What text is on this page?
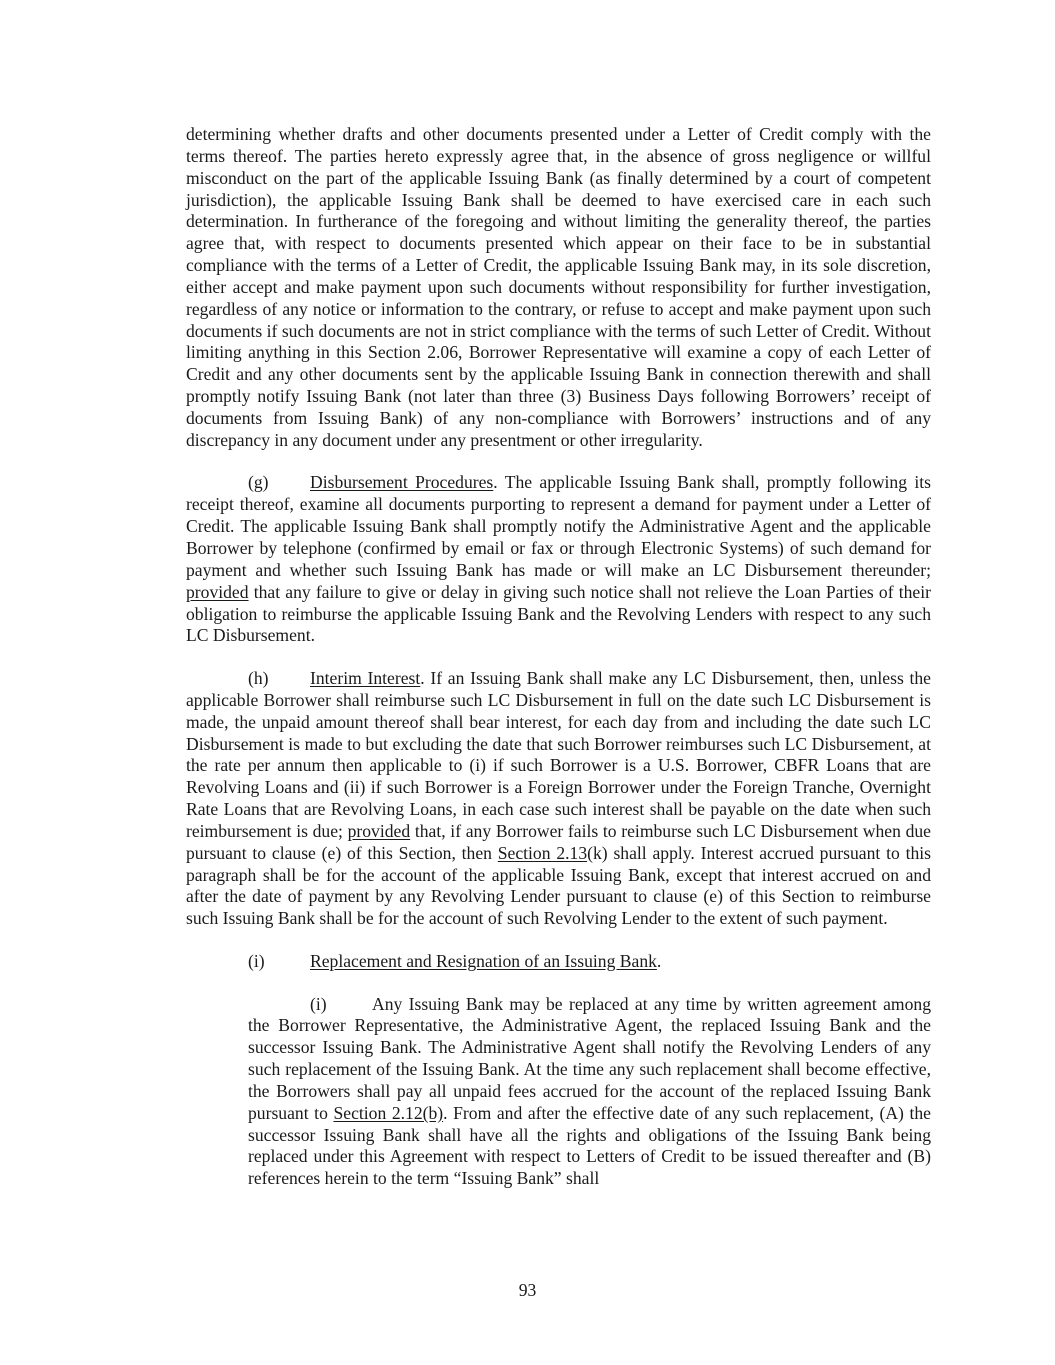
determining whether drafts and other documents presented under a Letter of Credit comply with the terms thereof. The parties hereto expressly agree that, in the absence of gross negligence or willful misconduct on the part of the applicable Issuing Bank (as finally determined by a court of competent jurisdiction), the applicable Issuing Bank shall be deemed to have exercised care in each such determination. In furtherance of the foregoing and without limiting the generality thereof, the parties agree that, with respect to documents presented which appear on their face to be in substantial compliance with the terms of a Letter of Credit, the applicable Issuing Bank may, in its sole discretion, either accept and make payment upon such documents without responsibility for further investigation, regardless of any notice or information to the contrary, or refuse to accept and make payment upon such documents if such documents are not in strict compliance with the terms of such Letter of Credit. Without limiting anything in this Section 2.06, Borrower Representative will examine a copy of each Letter of Credit and any other documents sent by the applicable Issuing Bank in connection therewith and shall promptly notify Issuing Bank (not later than three (3) Business Days following Borrowers’ receipt of documents from Issuing Bank) of any non-compliance with Borrowers’ instructions and of any discrepancy in any document under any presentment or other irregularity.

(g) Disbursement Procedures. The applicable Issuing Bank shall, promptly following its receipt thereof, examine all documents purporting to represent a demand for payment under a Letter of Credit. The applicable Issuing Bank shall promptly notify the Administrative Agent and the applicable Borrower by telephone (confirmed by email or fax or through Electronic Systems) of such demand for payment and whether such Issuing Bank has made or will make an LC Disbursement thereunder; provided that any failure to give or delay in giving such notice shall not relieve the Loan Parties of their obligation to reimburse the applicable Issuing Bank and the Revolving Lenders with respect to any such LC Disbursement.

(h) Interim Interest. If an Issuing Bank shall make any LC Disbursement, then, unless the applicable Borrower shall reimburse such LC Disbursement in full on the date such LC Disbursement is made, the unpaid amount thereof shall bear interest, for each day from and including the date such LC Disbursement is made to but excluding the date that such Borrower reimburses such LC Disbursement, at the rate per annum then applicable to (i) if such Borrower is a U.S. Borrower, CBFR Loans that are Revolving Loans and (ii) if such Borrower is a Foreign Borrower under the Foreign Tranche, Overnight Rate Loans that are Revolving Loans, in each case such interest shall be payable on the date when such reimbursement is due; provided that, if any Borrower fails to reimburse such LC Disbursement when due pursuant to clause (e) of this Section, then Section 2.13(k) shall apply. Interest accrued pursuant to this paragraph shall be for the account of the applicable Issuing Bank, except that interest accrued on and after the date of payment by any Revolving Lender pursuant to clause (e) of this Section to reimburse such Issuing Bank shall be for the account of such Revolving Lender to the extent of such payment.

(i)	Replacement and Resignation of an Issuing Bank.

(i)	Any Issuing Bank may be replaced at any time by written agreement among the Borrower Representative, the Administrative Agent, the replaced Issuing Bank and the successor Issuing Bank. The Administrative Agent shall notify the Revolving Lenders of any such replacement of the Issuing Bank. At the time any such replacement shall become effective, the Borrowers shall pay all unpaid fees accrued for the account of the replaced Issuing Bank pursuant to Section 2.12(b). From and after the effective date of any such replacement, (A) the successor Issuing Bank shall have all the rights and obligations of the Issuing Bank being replaced under this Agreement with respect to Letters of Credit to be issued thereafter and (B) references herein to the term “Issuing Bank” shall

93
